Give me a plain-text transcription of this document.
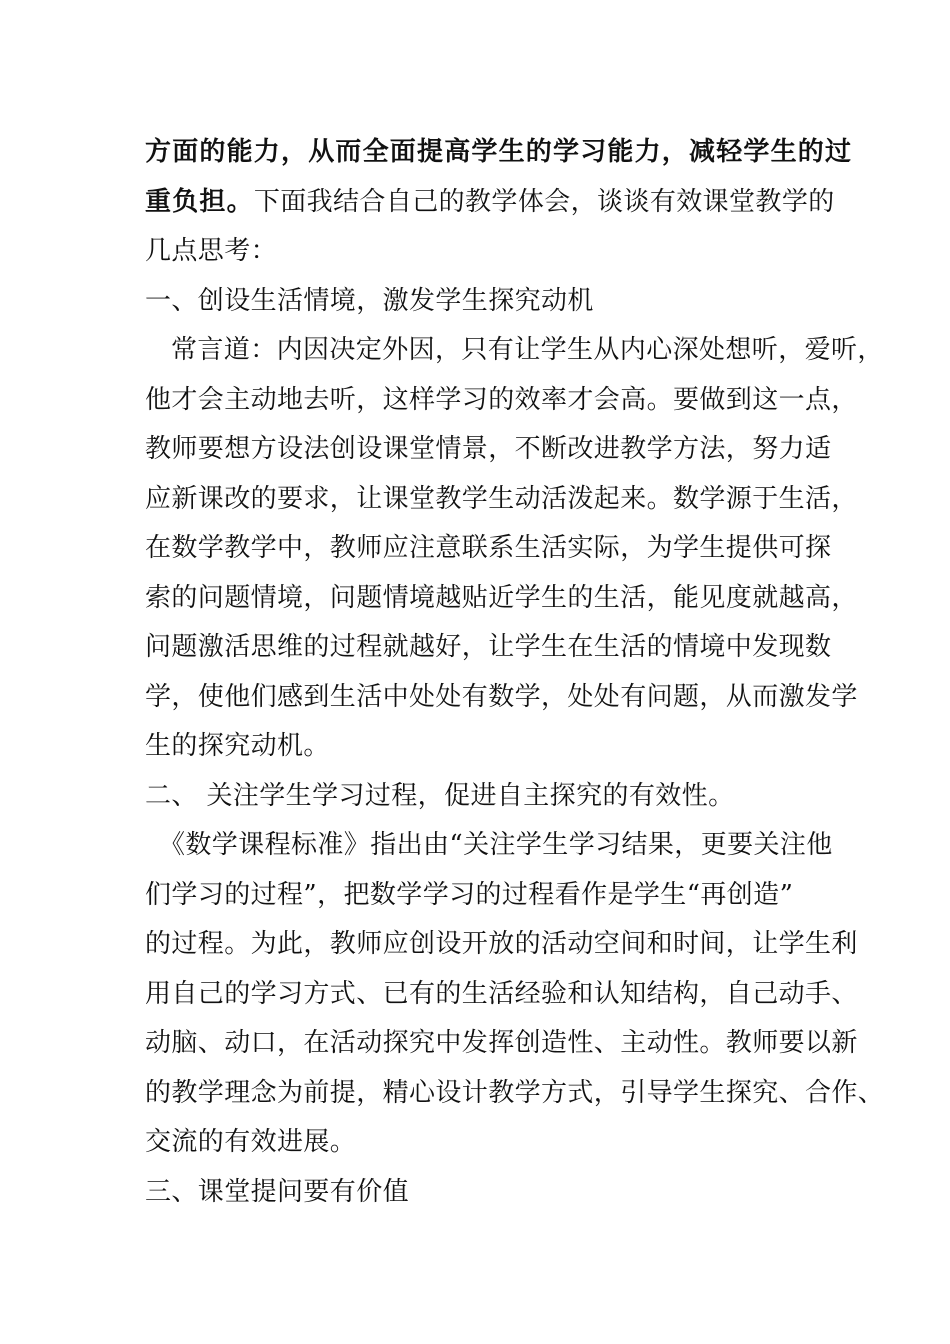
方面的能力，从而全面提高学生的学习能力，减轻学生的过
重负担。下面我结合自己的教学体会，谈谈有效课堂教学的
几点思考：
一、创设生活情境，激发学生探究动机
常言道：内因决定外因，只有让学生从内心深处想听，爱听，
他才会主动地去听，这样学习的效率才会高。要做到这一点，
教师要想方设法创设课堂情景，不断改进教学方法，努力适
应新课改的要求，让课堂教学生动活泼起来。数学源于生活，
在数学教学中，教师应注意联系生活实际，为学生提供可探
索的问题情境，问题情境越贴近学生的生活，能见度就越高，
问题激活思维的过程就越好，让学生在生活的情境中发现数
学，使他们感到生活中处处有数学，处处有问题，从而激发学
生的探究动机。
二、 关注学生学习过程，促进自主探究的有效性。
《数学课程标准》指出由“关注学生学习结果，更要关注他
们学习的过程”，把数学学习的过程看作是学生“再创造”
的过程。为此，教师应创设开放的活动空间和时间，让学生利
用自己的学习方式、已有的生活经验和认知结构，自己动手、
动脑、动口，在活动探究中发挥创造性、主动性。教师要以新
的教学理念为前提，精心设计教学方式，引导学生探究、合作、
交流的有效进展。
三、课堂提问要有价值
